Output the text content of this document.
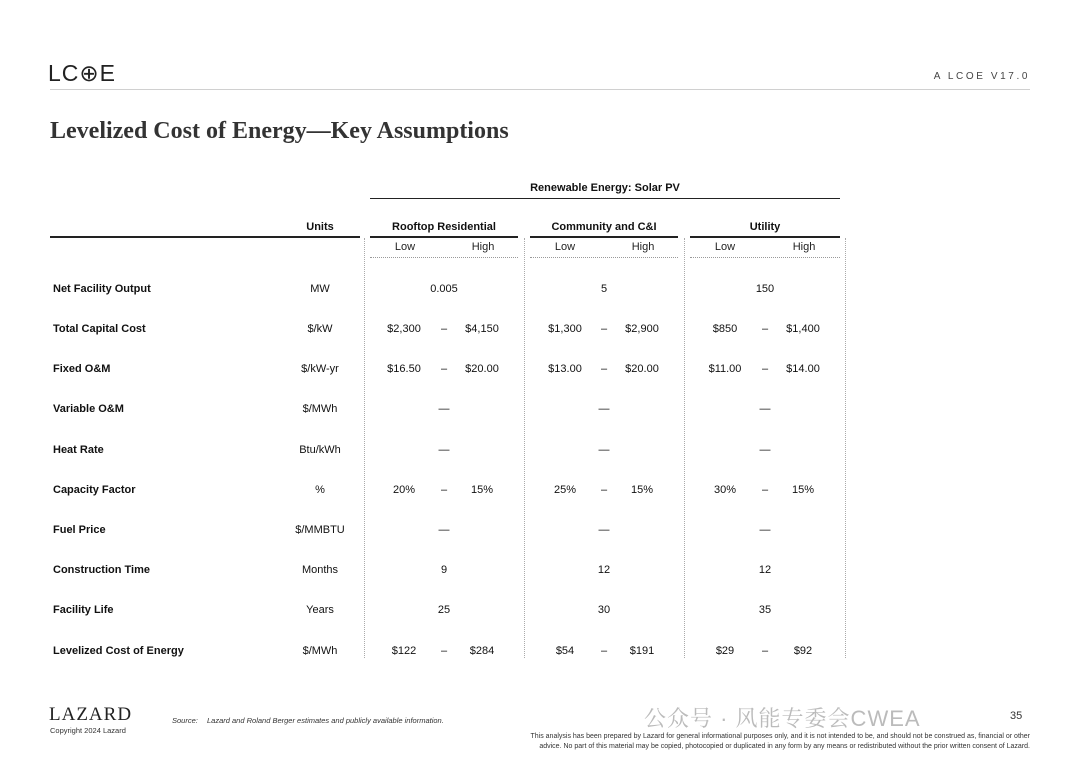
LC⊕E	A LCOE V17.0
Levelized Cost of Energy—Key Assumptions
Renewable Energy: Solar PV
Units	Rooftop Residential	Community and C&I	Utility
Low	High	Low	High	Low	High
Net Facility Output	MW	0.005	5	150
Total Capital Cost	$/kW	$2,300	–	$4,150	$1,300	–	$2,900	$850	–	$1,400
Fixed O&M	$/kW-yr	$16.50	–	$20.00	$13.00	–	$20.00	$11.00	–	$14.00
Variable O&M	$/MWh	—	—	—
Heat Rate	Btu/kWh	—	—	—
Capacity Factor	%	20%	–	15%	25%	–	15%	30%	–	15%
Fuel Price	$/MMBTU	—	—	—
Construction Time	Months	9	12	12
Facility Life	Years	25	30	35
Levelized Cost of Energy	$/MWh	$122	–	$284	$54	–	$191	$29	–	$92
LAZARD
Copyright 2024 Lazard
Source: Lazard and Roland Berger estimates and publicly available information.
This analysis has been prepared by Lazard for general informational purposes only, and it is not intended to be, and should not be construed as, financial or other
advice. No part of this material may be copied, photocopied or duplicated in any form by any means or redistributed without the prior written consent of Lazard.
公众号 · 风能专委会CWEA	35
